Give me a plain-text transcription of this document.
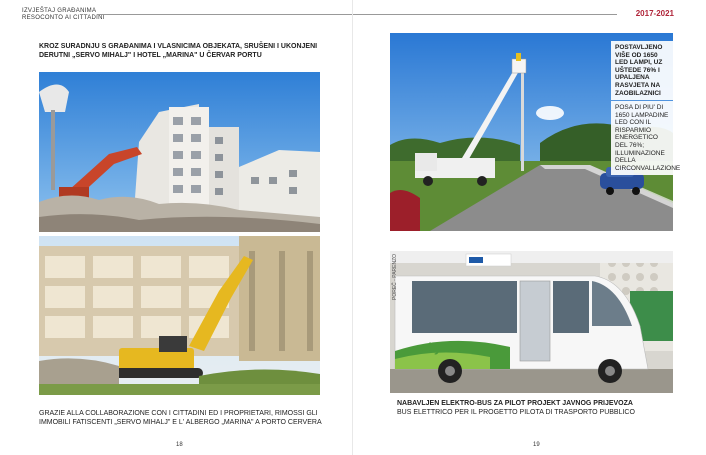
IZVJEŠTAJ GRAĐANIMA
RESOCONTO AI CITTADINI	2017-2021
KROZ SURADNJU S GRAĐANIMA I VLASNICIMA OBJEKATA, SRUŠENI I UKONJENI DERUTNI „SERVO MIHALJ" I HOTEL „MARINA" U ČERVAR PORTU
GRAZIE ALLA COLLABORAZIONE CON I CITTADINI ED I PROPRIETARI, RIMOSSI GLI IMMOBILI FATISCENTI „SERVO MIHALJ" E L' ALBERGO „MARINA" A PORTO CERVERA
18
POSTAVLJENO VIŠE OD 1650 LED LAMPI, UZ UŠTEDE 76% I UPALJENA RASVJETA NA ZAOBILAZNICI
POSA DI PIU' DI 1650 LAMPADINE LED CON IL RISPARMIO ENERGETICO DEL 76%; ILLUMINAZIONE DELLA CIRCONVALLAZIONE
citybus
POREČ - PARENZO
NABAVLJEN ELEKTRO-BUS ZA PILOT PROJEKT JAVNOG PRIJEVOZA
BUS ELETTRICO PER IL PROGETTO PILOTA DI TRASPORTO PUBBLICO
19
